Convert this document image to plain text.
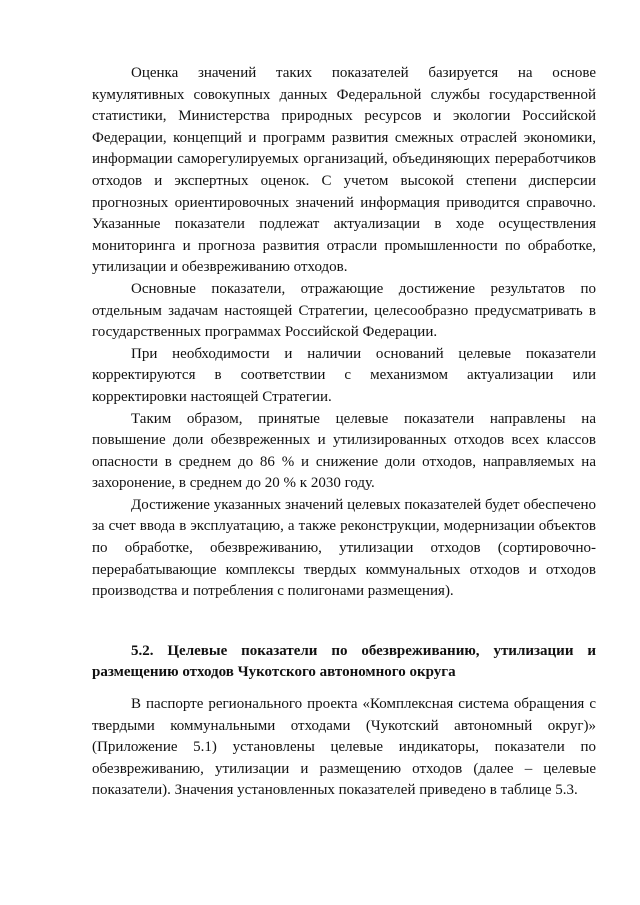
Оценка значений таких показателей базируется на основе кумулятивных совокупных данных Федеральной службы государственной статистики, Министерства природных ресурсов и экологии Российской Федерации, концепций и программ развития смежных отраслей экономики, информации саморегулируемых организаций, объединяющих переработчиков отходов и экспертных оценок. С учетом высокой степени дисперсии прогнозных ориентировочных значений информация приводится справочно. Указанные показатели подлежат актуализации в ходе осуществления мониторинга и прогноза развития отрасли промышленности по обработке, утилизации и обезвреживанию отходов.

Основные показатели, отражающие достижение результатов по отдельным задачам настоящей Стратегии, целесообразно предусматривать в государственных программах Российской Федерации.

При необходимости и наличии оснований целевые показатели корректируются в соответствии с механизмом актуализации или корректировки настоящей Стратегии.

Таким образом, принятые целевые показатели направлены на повышение доли обезвреженных и утилизированных отходов всех классов опасности в среднем до 86 % и снижение доли отходов, направляемых на захоронение, в среднем до 20 % к 2030 году.

Достижение указанных значений целевых показателей будет обеспечено за счет ввода в эксплуатацию, а также реконструкции, модернизации объектов по обработке, обезвреживанию, утилизации отходов (сортировочно-перерабатывающие комплексы твердых коммунальных отходов и отходов производства и потребления с полигонами размещения).

5.2. Целевые показатели по обезвреживанию, утилизации и размещению отходов Чукотского автономного округа

В паспорте регионального проекта «Комплексная система обращения с твердыми коммунальными отходами (Чукотский автономный округ)» (Приложение 5.1) установлены целевые индикаторы, показатели по обезвреживанию, утилизации и размещению отходов (далее – целевые показатели). Значения установленных показателей приведено в таблице 5.3.
